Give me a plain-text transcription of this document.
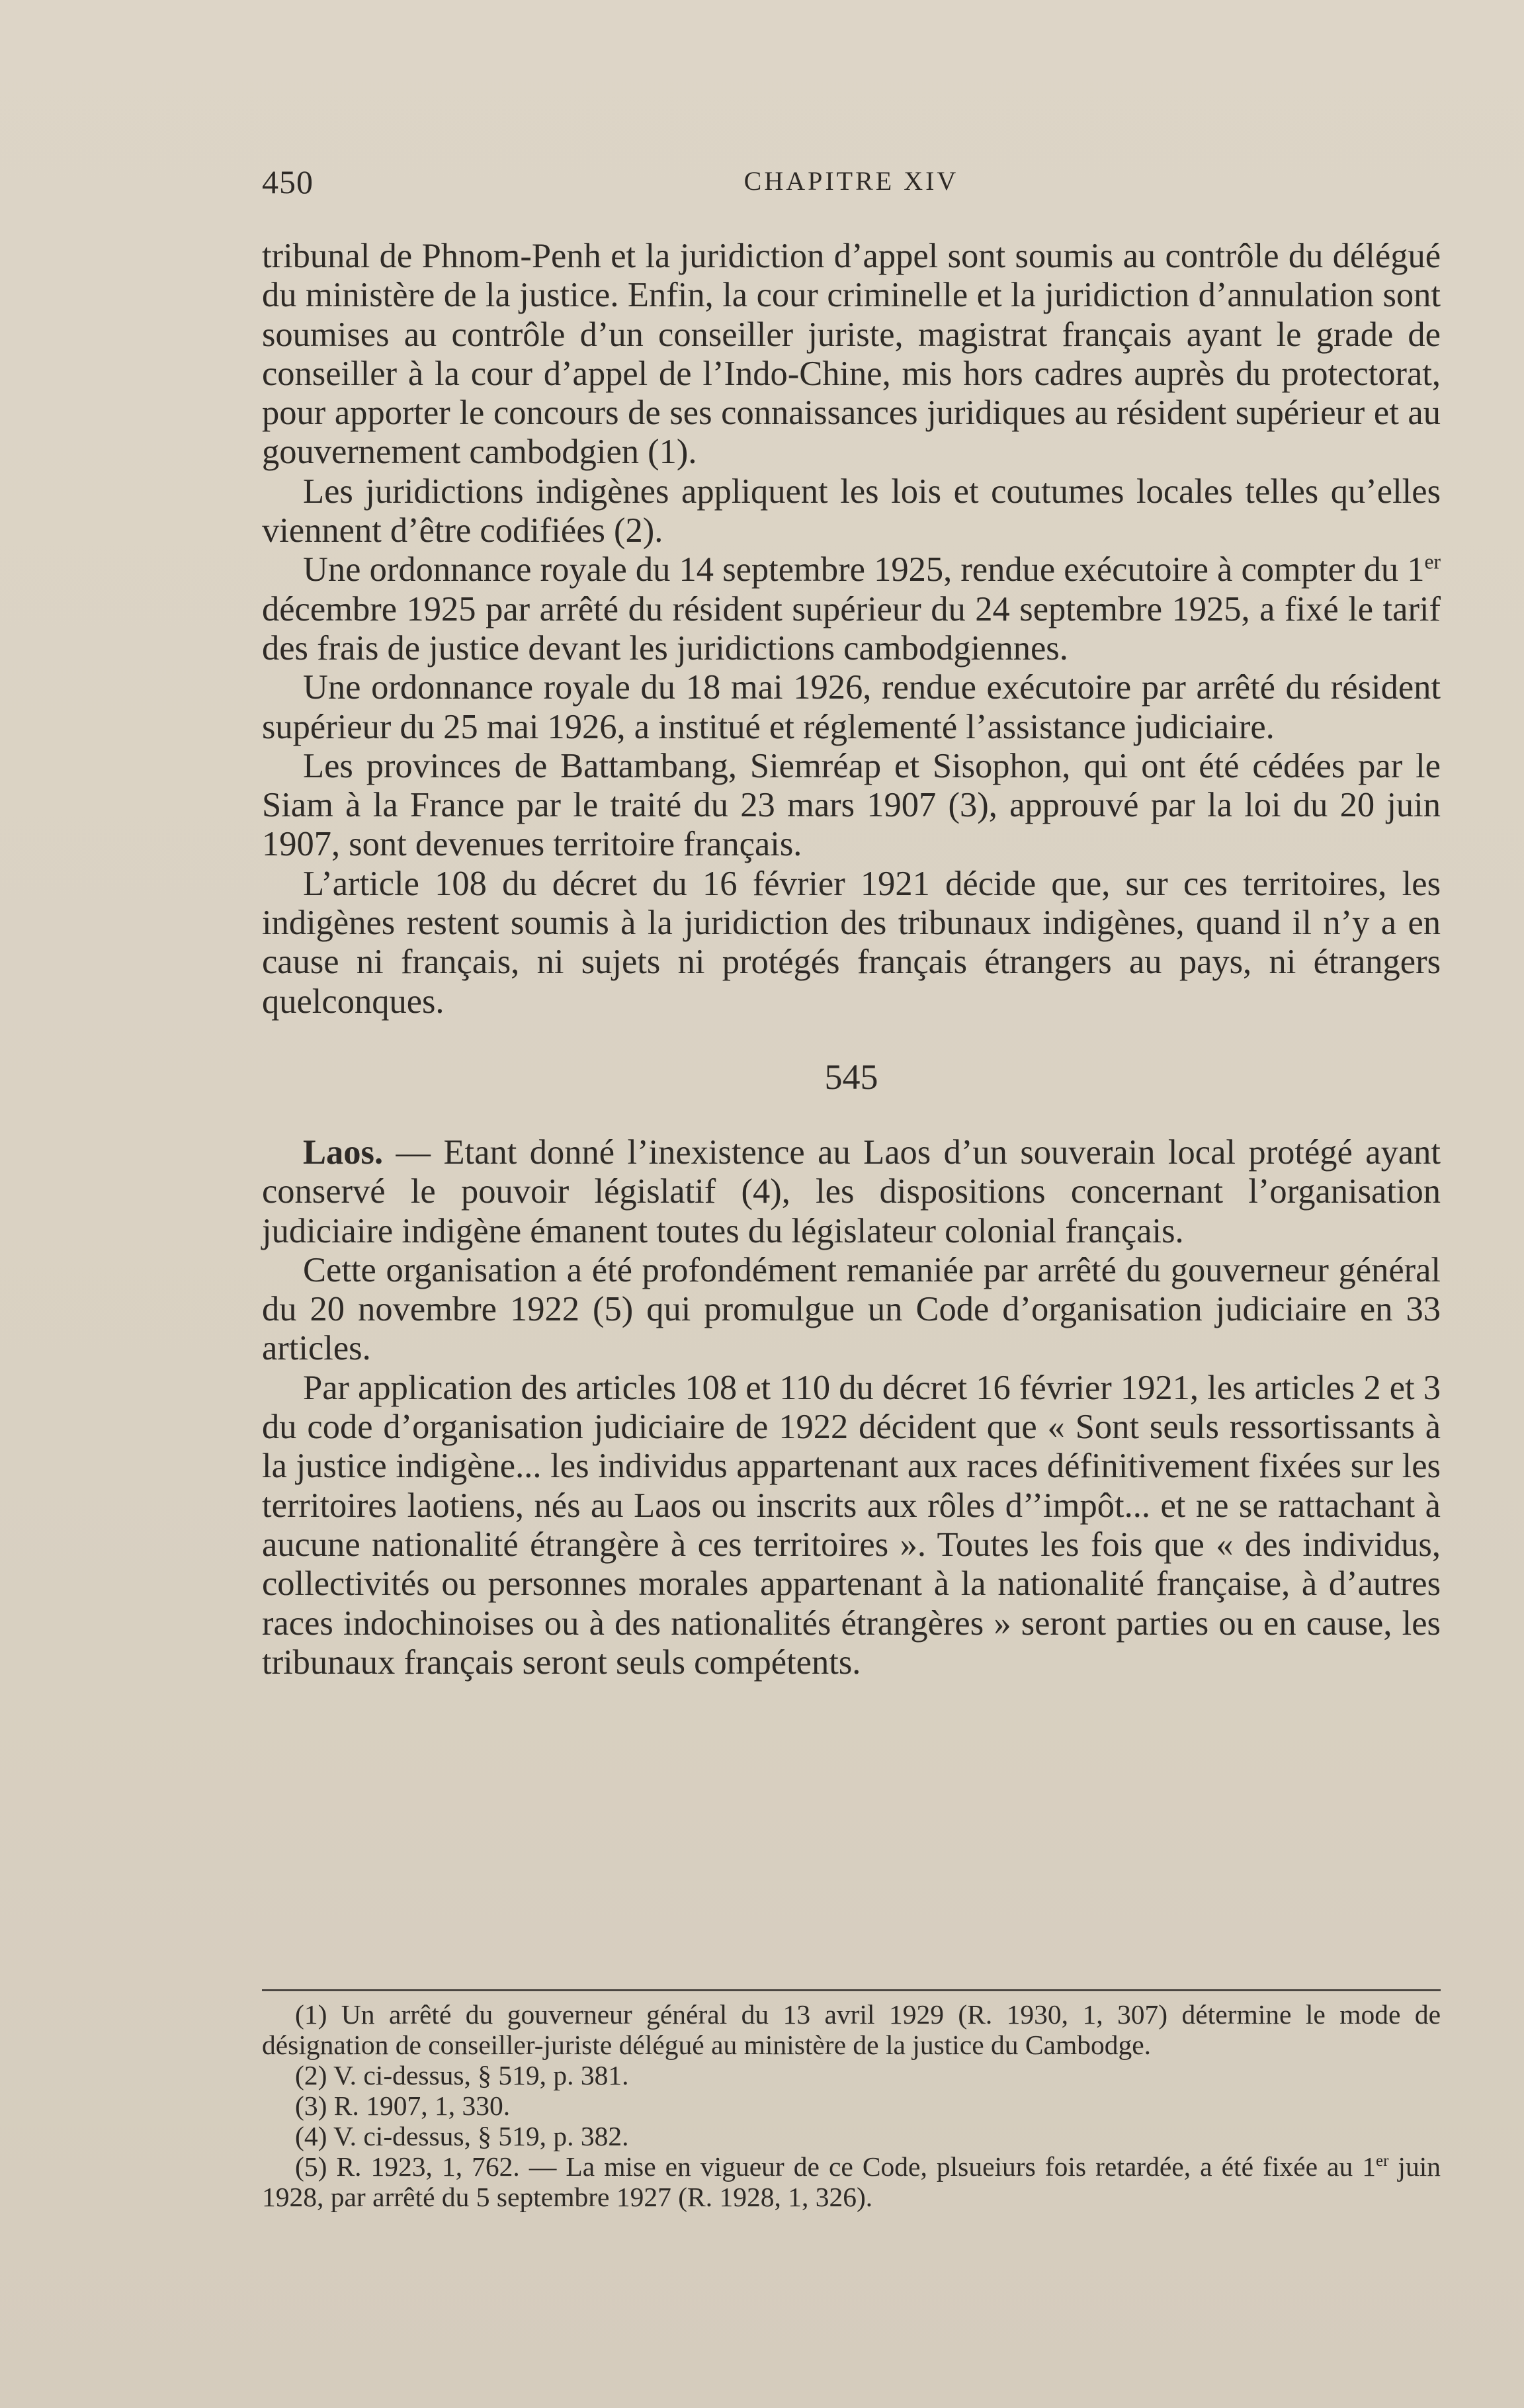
450	CHAPITRE XIV

tribunal de Phnom-Penh et la juridiction d’appel sont soumis au contrôle du délégué du ministère de la justice. Enfin, la cour criminelle et la juridiction d’annulation sont soumises au contrôle d’un conseiller juriste, magistrat français ayant le grade de conseiller à la cour d’appel de l’Indo-Chine, mis hors cadres auprès du protectorat, pour apporter le concours de ses connaissances juridiques au résident supérieur et au gouvernement cambodgien (1).

Les juridictions indigènes appliquent les lois et coutumes locales telles qu’elles viennent d’être codifiées (2).

Une ordonnance royale du 14 septembre 1925, rendue exécutoire à compter du 1er décembre 1925 par arrêté du résident supérieur du 24 septembre 1925, a fixé le tarif des frais de justice devant les juridictions cambodgiennes.

Une ordonnance royale du 18 mai 1926, rendue exécutoire par arrêté du résident supérieur du 25 mai 1926, a institué et réglementé l’assistance judiciaire.

Les provinces de Battambang, Siemréap et Sisophon, qui ont été cédées par le Siam à la France par le traité du 23 mars 1907 (3), approuvé par la loi du 20 juin 1907, sont devenues territoire français.

L’article 108 du décret du 16 février 1921 décide que, sur ces territoires, les indigènes restent soumis à la juridiction des tribunaux indigènes, quand il n’y a en cause ni français, ni sujets ni protégés français étrangers au pays, ni étrangers quelconques.

545

Laos. — Etant donné l’inexistence au Laos d’un souverain local protégé ayant conservé le pouvoir législatif (4), les dispositions concernant l’organisation judiciaire indigène émanent toutes du législateur colonial français.

Cette organisation a été profondément remaniée par arrêté du gouverneur général du 20 novembre 1922 (5) qui promulgue un Code d’organisation judiciaire en 33 articles.

Par application des articles 108 et 110 du décret 16 février 1921, les articles 2 et 3 du code d’organisation judiciaire de 1922 décident que « Sont seuls ressortissants à la justice indigène... les individus appartenant aux races définitivement fixées sur les territoires laotiens, nés au Laos ou inscrits aux rôles d’’impôt... et ne se rattachant à aucune nationalité étrangère à ces territoires ». Toutes les fois que « des individus, collectivités ou personnes morales appartenant à la nationalité française, à d’autres races indochinoises ou à des nationalités étrangères » seront parties ou en cause, les tribunaux français seront seuls compétents.

(1) Un arrêté du gouverneur général du 13 avril 1929 (R. 1930, 1, 307) détermine le mode de désignation de conseiller-juriste délégué au ministère de la justice du Cambodge.

(2) V. ci-dessus, § 519, p. 381.

(3) R. 1907, 1, 330.

(4) V. ci-dessus, § 519, p. 382.

(5) R. 1923, 1, 762. — La mise en vigueur de ce Code, plsueiurs fois retardée, a été fixée au 1er juin 1928, par arrêté du 5 septembre 1927 (R. 1928, 1, 326).
